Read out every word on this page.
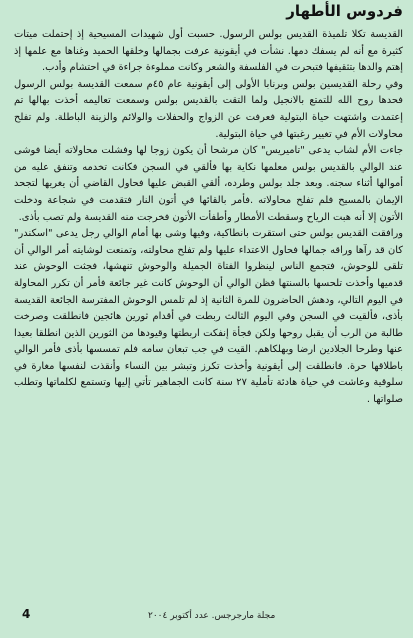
فردوس الأطهار

القديسة تكلا تلميذة القديس بولس الرسول. حسبت أول شهيدات المسيحية إذ إحتملت ميتات كثيرة مع أنه لم يسفك دمها. نشأت في أيقونية عرفت بجمالها وخلقها الحميد وغناها مع علمها إذ إهتم والدها بتثقيفها فتبحرت في الفلسفة والشعر وكانت مملوءة جراءة في احتشام وأدب.

وفي رحلة القديسين بولس وبرنابا الأولى إلى أيقونية عام ٤٥م سمعت القديسة بولس الرسول فحدها روح الله للتمتع بالانجيل ولما التقت بالقديس بولس وسمعت تعاليمه أخذت بهالها تم إعتمدت واشتهت حياة البتولية فعرفت عن الزواج والحفلات والولائم والزينة الباطلة. ولم تفلح محاولات الأم في تغيير رغبتها في حياة البتولية.

جاءت الأم لشاب يدعى "تاميريس" كان مرشحا أن يكون زوجا لها وفشلت محاولاته أيضا فوشى عند الوالي بالقديس بولس معلمها نكاية بها فألقي في السجن فكانت تخدمه وتنفق عليه من أموالها أثناء سجنه. وبعد جلد بولس وطرده، ألقي القبض عليها فحاول القاضي أن يغريها لتجحد الإيمان بالمسيح فلم تفلح محاولاته .فأمر بالقائها في أتون النار فتقدمت في شجاعة ودخلت الأتون إلا أنه هبت الرياح وسقطت الأمطار وأطفأت الأتون فخرجت منه القديسة ولم تصب بأذى.

ورافقت القديس بولس حتى استقرت بانطاكية، وفيها وشى بها أمام الوالي رجل يدعى "اسكندر" كان قد رآها وراقه جمالها فحاول الاعتداء عليها ولم تفلح محاولته، وتمنعت لوشايته أمر الوالي أن تلقى للوحوش، فتجمع الناس لينظروا الفتاة الجميلة والوحوش تنهشها، فجثت الوحوش عند قدميها وأخذت تلحسها بالسنتها فظن الوالي أن الوحوش كانت غير جائعة فأمر أن تكرر المحاولة في اليوم التالي، ودهش الحاضرون للمرة الثانية إذ لم تلمس الوحوش المفترسة الجائعة القديسة بأذى، فألقيت في السجن وفي اليوم الثالث ربطت في أقدام ثورين هائجين فانطلقت وصرخت طالبة من الرب أن يقبل روحها ولكن فجأة إنفكت اربطتها وقيودها من الثورين الذين انطلقا بعيدا عنها وطرحا الجلادين ارضا وبهلكاهم. القيت في جب تبعان سامه فلم تمسسها بأذى فأمر الوالي باطلاقها حرة. فانطلقت إلى أيقونية وأخذت تكرز وتبشر بين النساء وأنقذت لنفسها مغارة في سلوقية وعاشت في حياة هادئة تأملية ٢٧ سنة كانت الجماهير تأتي إليها وتستمع لكلماتها وتطلب صلواتها .

4	مجلة مارجرجس. عدد أكتوبر ٢٠٠٤
